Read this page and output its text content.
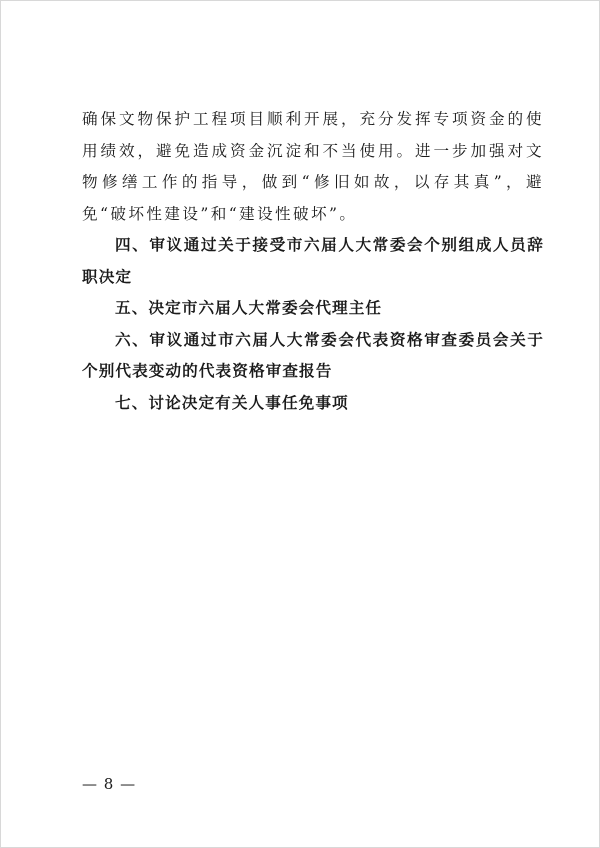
确保文物保护工程项目顺利开展，充分发挥专项资金的使用绩效，避免造成资金沉淀和不当使用。进一步加强对文物修缮工作的指导，做到“修旧如故，以存其真”，避免“破坏性建设”和“建设性破坏”。

四、审议通过关于接受市六届人大常委会个别组成人员辞职决定

五、决定市六届人大常委会代理主任

六、审议通过市六届人大常委会代表资格审查委员会关于个别代表变动的代表资格审查报告

七、讨论决定有关人事任免事项

— 8 —
